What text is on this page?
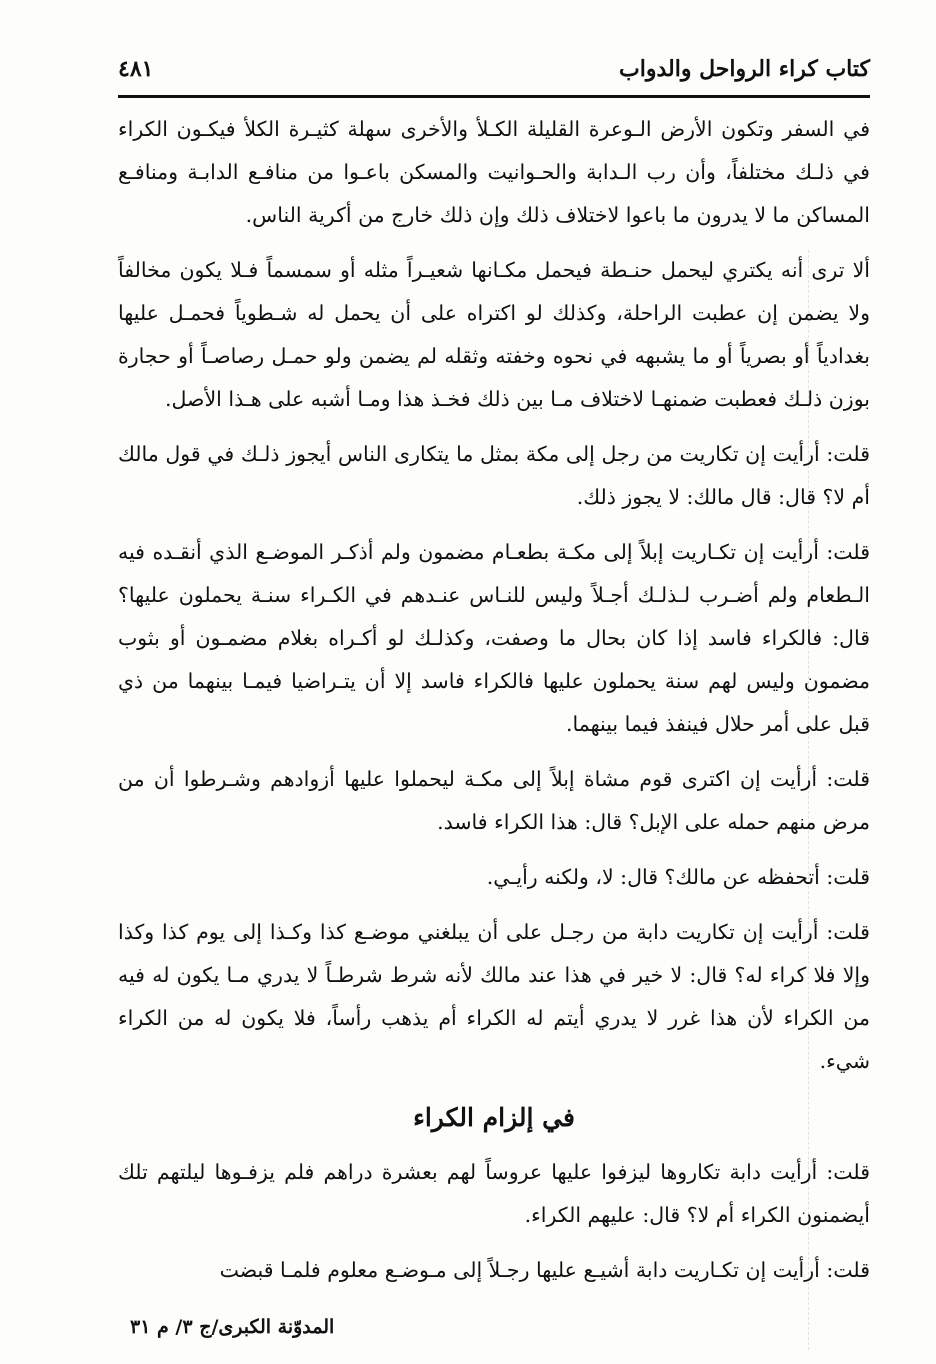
كتاب كراء الرواحل والدواب
٤٨١

في السفر وتكون الأرض الـوعرة القليلة الكـلأ والأخرى سهلة كثيـرة الكلأ فيكـون الكراء في ذلـك مختلفاً، وأن رب الـدابة والحـوانيت والمسكن باعـوا من منافـع الدابـة ومنافـع المساكن ما لا يدرون ما باعوا لاختلاف ذلك وإن ذلك خارج من أكرية الناس.

ألا ترى أنه يكتري ليحمل حنـطة فيحمل مكـانها شعيـراً مثله أو سمسماً فـلا يكون مخالفاً ولا يضمن إن عطبت الراحلة، وكذلك لو اكتراه على أن يحمل له شـطوياً فحمـل عليها بغدادياً أو بصرياً أو ما يشبهه في نحوه وخفته وثقله لم يضمن ولو حمـل رصاصـاً أو حجارة بوزن ذلـك فعطبت ضمنهـا لاختلاف مـا بين ذلك فخـذ هذا ومـا أشبه على هـذا الأصل.

قلت: أرأيت إن تكاريت من رجل إلى مكة بمثل ما يتكارى الناس أيجوز ذلـك في قول مالك أم لا؟ قال: قال مالك: لا يجوز ذلك.

قلت: أرأيت إن تكـاريت إبلاً إلى مكـة بطعـام مضمون ولم أذكـر الموضـع الذي أنقـده فيه الـطعام ولم أضـرب لـذلـك أجـلاً وليس للنـاس عنـدهم في الكـراء سنـة يحملون عليها؟ قال: فالكراء فاسد إذا كان بحال ما وصفت، وكذلـك لو أكـراه بغلام مضمـون أو بثوب مضمون وليس لهم سنة يحملون عليها فالكراء فاسد إلا أن يتـراضيا فيمـا بينهما من ذي قبل على أمر حلال فينفذ فيما بينهما.

قلت: أرأيت إن اكترى قوم مشاة إبلاً إلى مكـة ليحملوا عليها أزوادهم وشـرطوا أن من مرض منهم حمله على الإبل؟ قال: هذا الكراء فاسد.

قلت: أتحفظه عن مالك؟ قال: لا، ولكنه رأيـي.

قلت: أرأيت إن تكاريت دابة من رجـل على أن يبلغني موضـع كذا وكـذا إلى يوم كذا وكذا وإلا فلا كراء له؟ قال: لا خير في هذا عند مالك لأنه شرط شرطـاً لا يدري مـا يكون له فيه من الكراء لأن هذا غرر لا يدري أيتم له الكراء أم يذهب رأساً، فلا يكون له من الكراء شيء.

في إلزام الكراء

قلت: أرأيت دابة تكاروها ليزفوا عليها عروساً لهم بعشرة دراهم فلم يزفـوها ليلتهم تلك أيضمنون الكراء أم لا؟ قال: عليهم الكراء.

قلت: أرأيت إن تكـاريت دابة أشيـع عليها رجـلاً إلى مـوضـع معلوم فلمـا قبضت

المدوّنة الكبرى/ج ٣/ م ٣١
